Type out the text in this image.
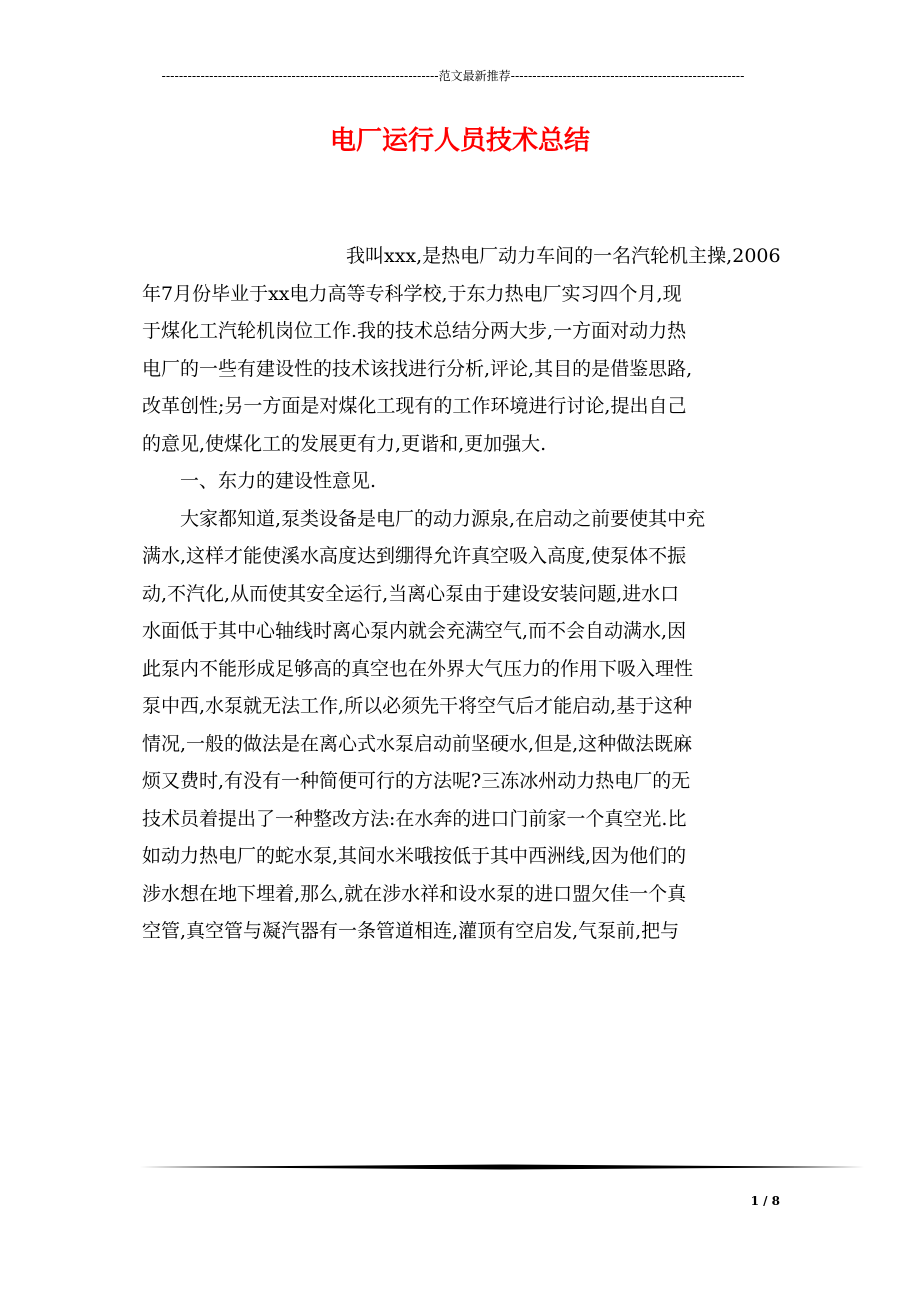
----------------------------------------------------------------范文最新推荐------------------------------------------------------
电厂运行人员技术总结
我叫xxx,是热电厂动力车间的一名汽轮机主操,2006
年7月份毕业于xx电力高等专科学校,于东力热电厂实习四个月,现
于煤化工汽轮机岗位工作.我的技术总结分两大步,一方面对动力热
电厂的一些有建设性的技术该找进行分析,评论,其目的是借鉴思路,
改革创性;另一方面是对煤化工现有的工作环境进行讨论,提出自己
的意见,使煤化工的发展更有力,更谐和,更加强大.
一、东力的建设性意见.
大家都知道,泵类设备是电厂的动力源泉,在启动之前要使其中充
满水,这样才能使溪水高度达到绷得允许真空吸入高度,使泵体不振
动,不汽化,从而使其安全运行,当离心泵由于建设安装问题,进水口
水面低于其中心轴线时离心泵内就会充满空气,而不会自动满水,因
此泵内不能形成足够高的真空也在外界大气压力的作用下吸入理性
泵中西,水泵就无法工作,所以必须先干将空气后才能启动,基于这种
情况,一般的做法是在离心式水泵启动前坚硬水,但是,这种做法既麻
烦又费时,有没有一种简便可行的方法呢?三冻冰州动力热电厂的无
技术员着提出了一种整改方法:在水奔的进口门前家一个真空光.比
如动力热电厂的蛇水泵,其间水米哦按低于其中西洲线,因为他们的
涉水想在地下埋着,那么,就在涉水祥和设水泵的进口盟欠佳一个真
空管,真空管与凝汽器有一条管道相连,灌顶有空启发,气泵前,把与
1 / 8
